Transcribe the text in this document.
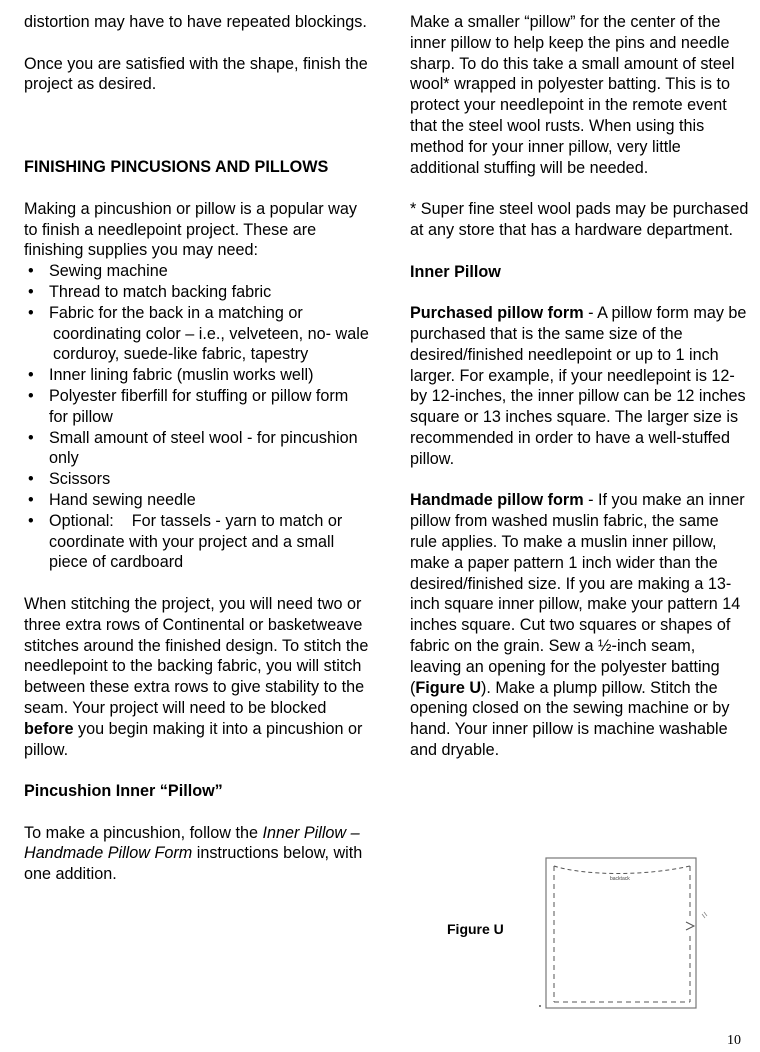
distortion may have to have repeated blockings.

Once you are satisfied with the shape, finish the project as desired.

FINISHING PINCUSIONS AND PILLOWS

Making a pincushion or pillow is a popular way to finish a needlepoint project. These are finishing supplies you may need:

• Sewing machine
• Thread to match backing fabric
• Fabric for the back in a matching or
coordinating color – i.e., velveteen, no- wale corduroy, suede-like fabric, tapestry
• Inner lining fabric (muslin works well)
• Polyester fiberfill for stuffing or pillow form for pillow
• Small amount of steel wool - for pincushion only
• Scissors
• Hand sewing needle
• Optional:    For tassels - yarn to match or coordinate with your project and a small piece of cardboard

When stitching the project, you will need two or three extra rows of Continental or basketweave stitches around the finished design. To stitch the needlepoint to the backing fabric, you will stitch between these extra rows to give stability to the seam. Your project will need to be blocked before you begin making it into a pincushion or pillow.

Pincushion Inner “Pillow”

To make a pincushion, follow the Inner Pillow – Handmade Pillow Form instructions below, with one addition.

Make a smaller “pillow” for the center of the inner pillow to help keep the pins and needle sharp. To do this take a small amount of steel wool* wrapped in polyester batting. This is to protect your needlepoint in the remote event that the steel wool rusts. When using this method for your inner pillow, very little additional stuffing will be needed.

* Super fine steel wool pads may be purchased at any store that has a hardware department.

Inner Pillow

Purchased pillow form - A pillow form may be purchased that is the same size of the desired/finished needlepoint or up to 1 inch larger. For example, if your needlepoint is 12- by 12-inches, the inner pillow can be 12 inches square or 13 inches square. The larger size is recommended in order to have a well-stuffed pillow.

Handmade pillow form - If you make an inner pillow from washed muslin fabric, the same rule applies. To make a muslin inner pillow, make a paper pattern 1 inch wider than the desired/finished size. If you are making a 13-inch square inner pillow, make your pattern 14 inches square. Cut two squares or shapes of fabric on the grain. Sew a ½-inch seam, leaving an opening for the polyester batting (Figure U). Make a plump pillow. Stitch the opening closed on the sewing machine or by hand. Your inner pillow is machine washable and dryable.

Figure U
backtack
10
